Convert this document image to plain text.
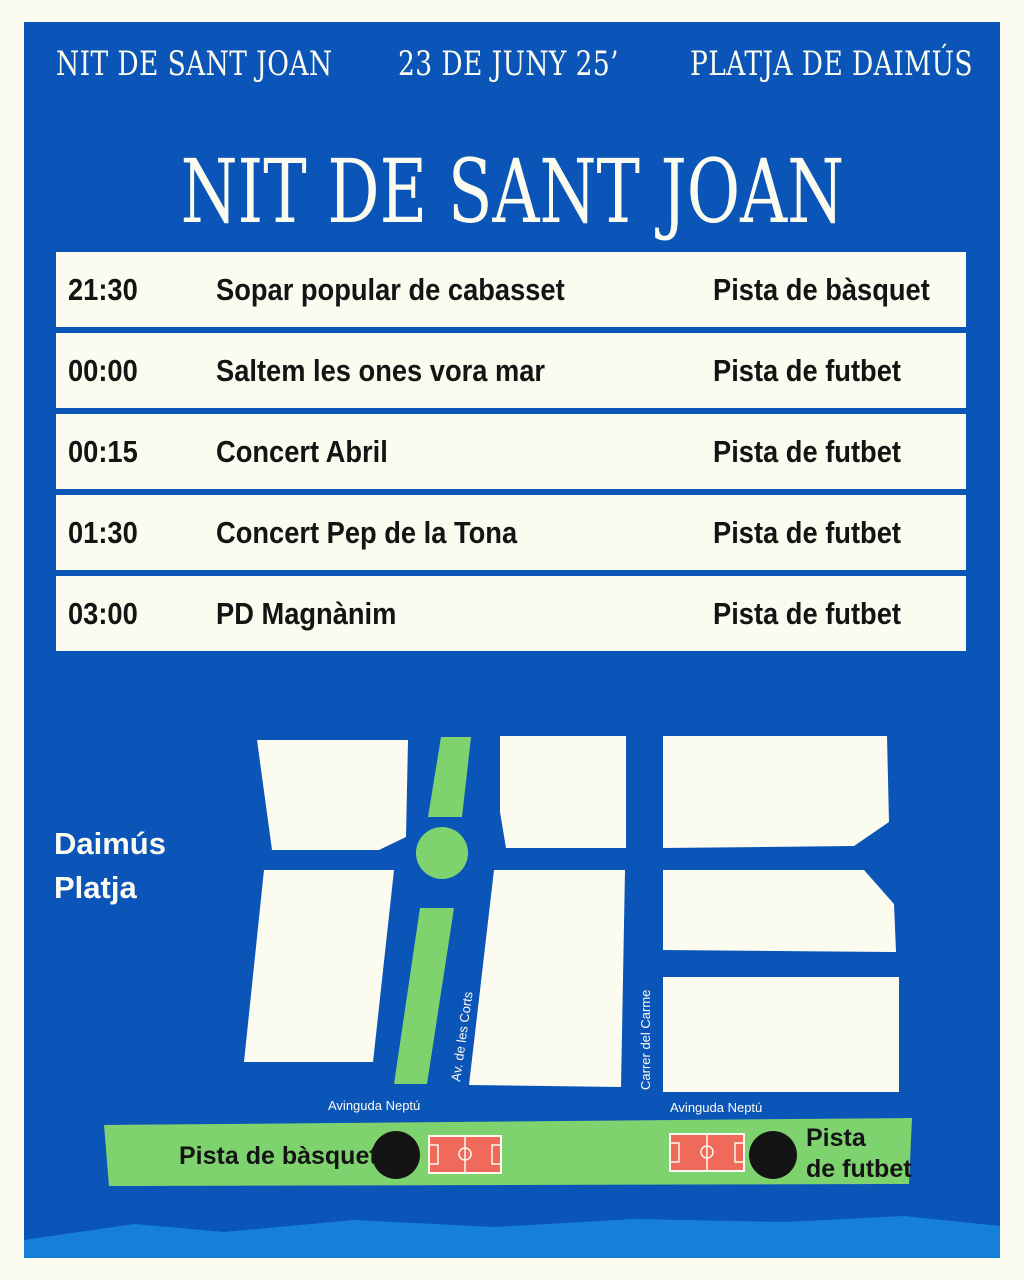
NIT DE SANT JOAN 23 DE JUNY 25’ PLATJA DE DAIMÚS
NIT DE SANT JOAN
21:30	Sopar popular de cabasset	Pista de bàsquet
00:00	Saltem les ones vora mar	Pista de futbet
00:15	Concert Abril	Pista de futbet
01:30	Concert Pep de la Tona	Pista de futbet
03:00	PD Magnànim	Pista de futbet
Daimús
Platja
Av. de les Corts	Carrer del Carme
Avinguda Neptú	Avinguda Neptú
Pista de bàsquet
Pista
de futbet
